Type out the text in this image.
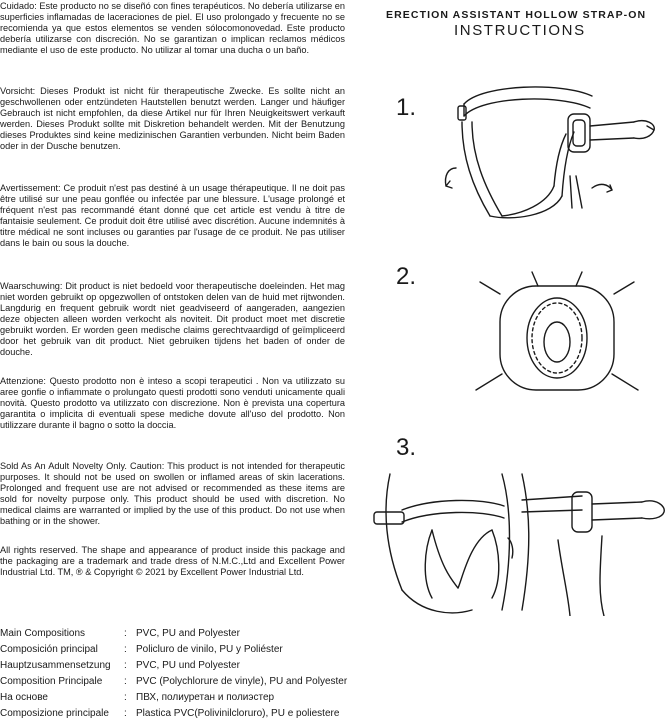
Cuidado: Este producto no se diseñó con fines terapéuticos. No debería utilizarse en superficies inflamadas de laceraciones de piel. El uso prolongado y frecuente no se recomienda ya que estos elementos se venden sólocomonovedad. Este producto debería utilizarse con discreción. No se garantizan o implican reclamos médicos mediante el uso de este producto. No utilizar al tomar una ducha o un baño.

Vorsicht: Dieses Produkt ist nicht für therapeutische Zwecke. Es sollte nicht an geschwollenen oder entzündeten Hautstellen benutzt werden. Langer und häufiger Gebrauch ist nicht empfohlen, da diese Artikel nur für Ihren Neuigkeitswert verkauft werden. Dieses Produkt sollte mit Diskretion behandelt werden. Mit der Benutzung dieses Produktes sind keine medizinischen Garantien verbunden. Nicht beim Baden oder in der Dusche benutzen.

Avertissement: Ce produit n'est pas destiné à un usage thérapeutique. Il ne doit pas être utilisé sur une peau gonflée ou infectée par une blessure. L'usage prolongé et fréquent n'est pas recommandé étant donné que cet article est vendu à titre de fantaisie seulement. Ce produit doit être utilisé avec discrétion. Aucune indemnités à titre médical ne sont incluses ou garanties par l'usage de ce produit. Ne pas utiliser dans le bain ou sous la douche.

Waarschuwing: Dit product is niet bedoeld voor therapeutische doeleinden. Het mag niet worden gebruikt op opgezwollen of ontstoken delen van de huid met rijtwonden. Langdurig en frequent gebruik wordt niet geadviseerd of aangeraden, aangezien deze objecten alleen worden verkocht als noviteit. Dit product moet met discretie gebruikt worden. Er worden geen medische claims gerechtvaardigd of geïmpliceerd door het gebruik van dit product. Niet gebruiken tijdens het baden of onder de douche.

Attenzione: Questo prodotto non è inteso a scopi terapeutici . Non va utilizzato su aree gonfie o infiammate o prolungato questi prodotti sono venduti unicamente quali novità. Questo prodotto va utilizzato con discrezione. Non è prevista una copertura garantita o implicita di eventuali spese mediche dovute all'uso del prodotto. Non utilizzare durante il bagno o sotto la doccia.

Sold As An Adult Novelty Only. Caution: This product is not intended for therapeutic purposes. It should not be used on swollen or inflamed areas of skin lacerations. Prolonged and frequent use are not advised or recommended as these items are sold for novelty purpose only. This product should be used with discretion. No medical claims are warranted or implied by the use of this product. Do not use when bathing or in the shower.

All rights reserved. The shape and appearance of product inside this package and the packaging are a trademark and trade dress of N.M.C.,Ltd and Excellent Power Industrial Ltd. TM, ® & Copyright © 2021 by Excellent Power Industrial Ltd.

ERECTION ASSISTANT HOLLOW STRAP-ON
INSTRUCTIONS
1.
2.
3.
Main Compositions	: PVC, PU and Polyester
Composición principal	: Policluro de vinilo, PU y Poliéster
Hauptzusammensetzung : PVC, PU und Polyester
Composition Principale : PVC (Polychlorure de vinyle), PU and Polyester
На основе	: ПВХ, полиуретан и полиэстер
Composizione principale : Plastica PVC(Polivinilcloruro), PU e poliestere
